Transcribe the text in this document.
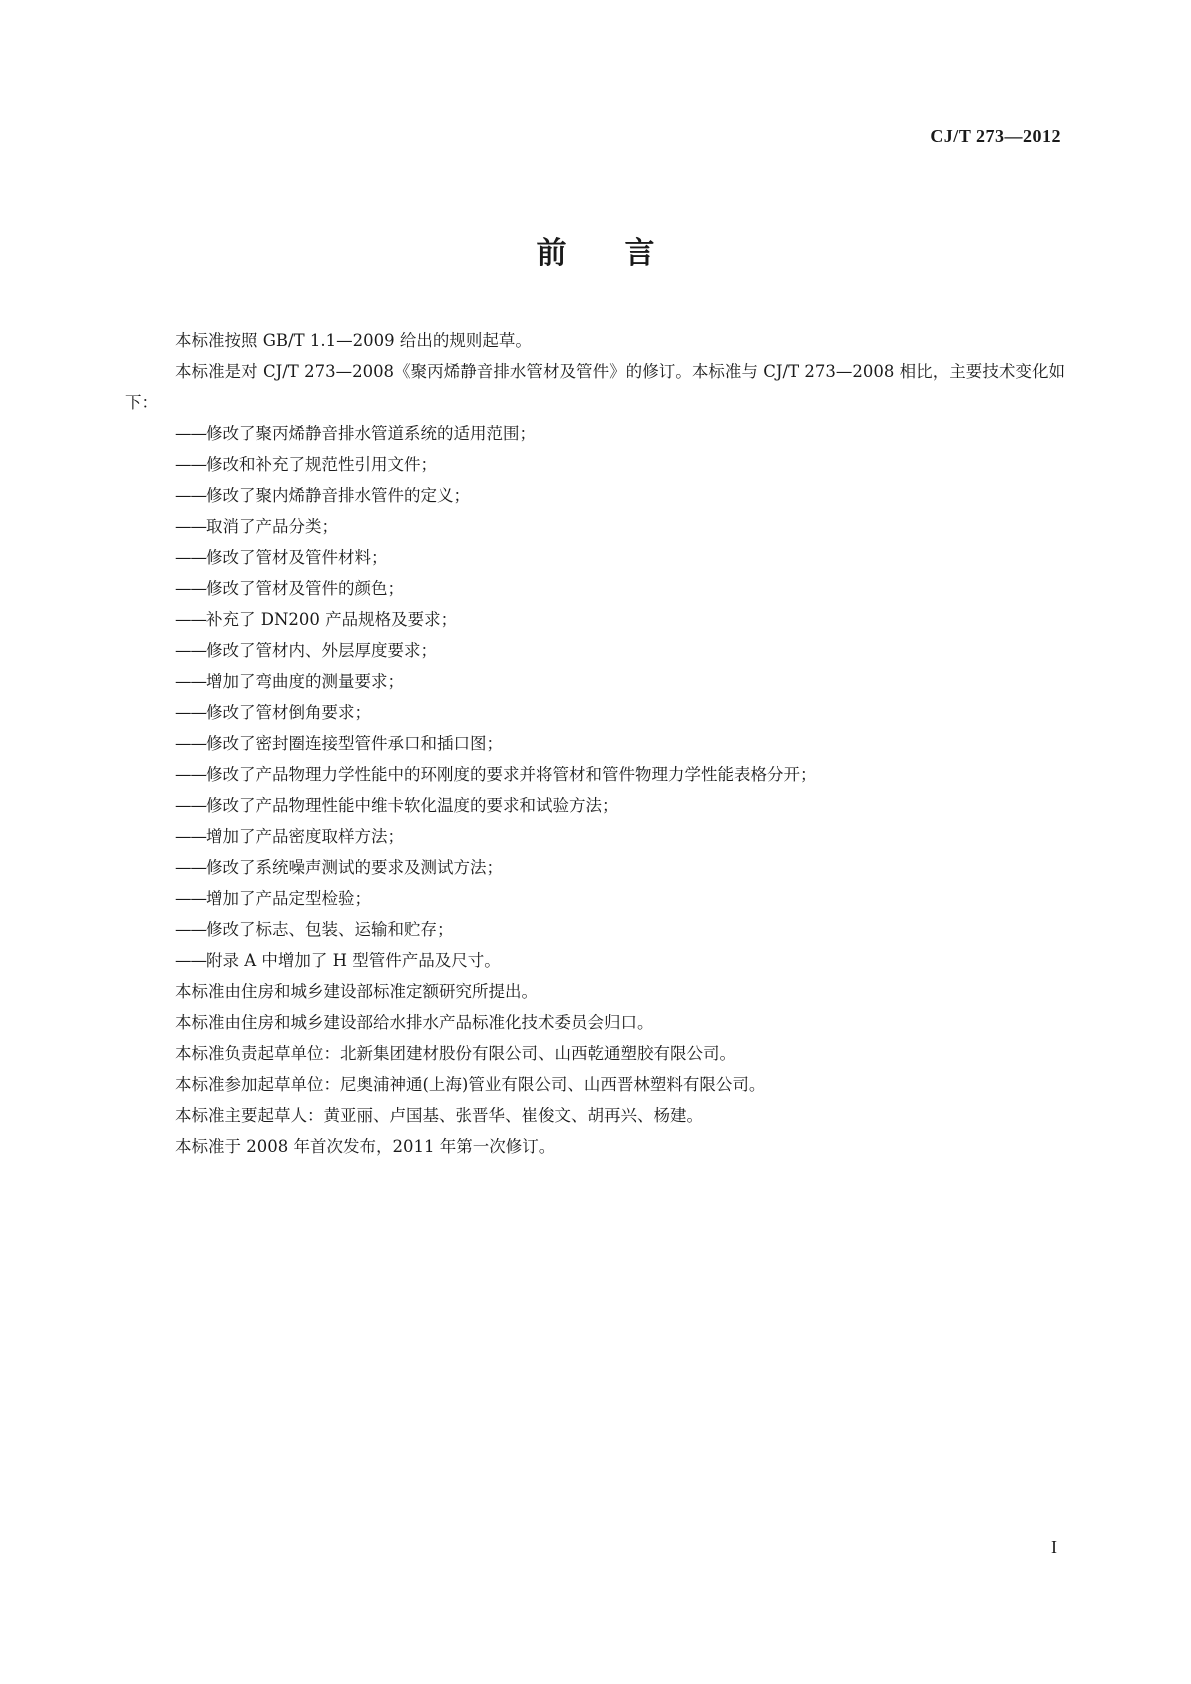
CJ/T 273—2012
前言
本标准按照 GB/T 1.1—2009 给出的规则起草。
本标准是对 CJ/T 273—2008《聚丙烯静音排水管材及管件》的修订。本标准与 CJ/T 273—2008 相比，主要技术变化如下：
——修改了聚丙烯静音排水管道系统的适用范围；
——修改和补充了规范性引用文件；
——修改了聚内烯静音排水管件的定义；
——取消了产品分类；
——修改了管材及管件材料；
——修改了管材及管件的颜色；
——补充了 DN200 产品规格及要求；
——修改了管材内、外层厚度要求；
——增加了弯曲度的测量要求；
——修改了管材倒角要求；
——修改了密封圈连接型管件承口和插口图；
——修改了产品物理力学性能中的环刚度的要求并将管材和管件物理力学性能表格分开；
——修改了产品物理性能中维卡软化温度的要求和试验方法；
——增加了产品密度取样方法；
——修改了系统噪声测试的要求及测试方法；
——增加了产品定型检验；
——修改了标志、包装、运输和贮存；
——附录 A 中增加了 H 型管件产品及尺寸。
本标准由住房和城乡建设部标准定额研究所提出。
本标准由住房和城乡建设部给水排水产品标准化技术委员会归口。
本标准负责起草单位：北新集团建材股份有限公司、山西乾通塑胶有限公司。
本标准参加起草单位：尼奥浦神通(上海)管业有限公司、山西晋林塑料有限公司。
本标准主要起草人：黄亚丽、卢国基、张晋华、崔俊文、胡再兴、杨建。
本标准于 2008 年首次发布，2011 年第一次修订。
I
